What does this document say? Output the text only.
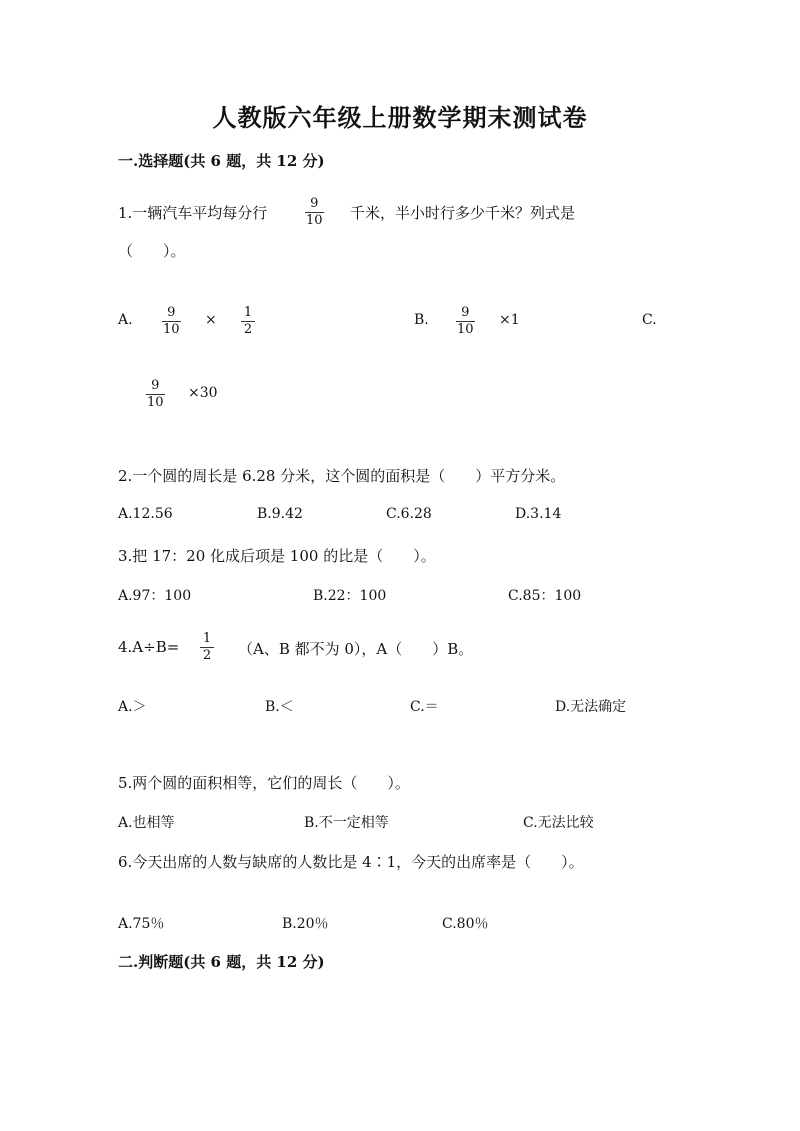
人教版六年级上册数学期末测试卷
一.选择题(共 6 题，共 12 分)
1.一辆汽车平均每分行
9
10 千米，半小时行多少千米？列式是
（　　）。
A.	9
10
× 1
2
B. 9
10
×1	C.
9
10
×30
2.一个圆的周长是 6.28 分米，这个圆的面积是（　　）平方分米。
A.12.56	B.9.42	C.6.28	D.3.14
3.把 17：20 化成后项是 100 的比是（　　）。
A.97：100	B.22：100	C.85：100
4.A÷B= 1
2 （A、B 都不为 0），A（　　）B。
A.＞	B.＜	C.＝	D.无法确定
5.两个圆的面积相等，它们的周长（　　）。
A.也相等	B.不一定相等	C.无法比较
6.今天出席的人数与缺席的人数比是 4∶1，今天的出席率是（　　）。
A.75％	B.20％	C.80％
二.判断题(共 6 题，共 12 分)
